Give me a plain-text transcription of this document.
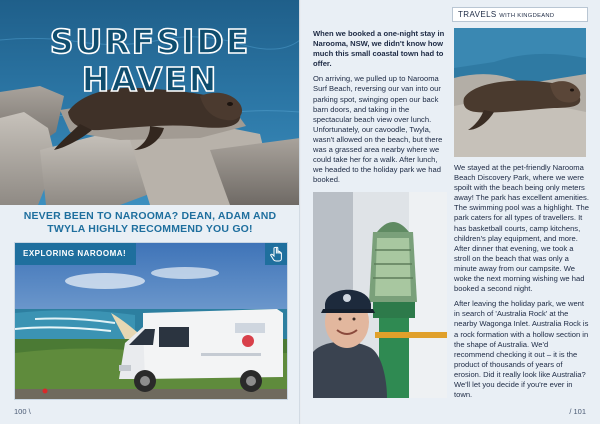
SURFSIDE
HAVEN
NEVER BEEN TO NAROOMA? DEAN, ADAM AND TWYLA HIGHLY RECOMMEND YOU GO!
EXPLORING NAROOMA!
100 \

When we booked a one-night stay in Narooma, NSW, we didn't know how much this small coastal town had to offer.

On arriving, we pulled up to Narooma Surf Beach, reversing our van into our parking spot, swinging open our back barn doors, and taking in the spectacular beach view over lunch. Unfortunately, our cavoodle, Twyla, wasn't allowed on the beach, but there was a grassed area nearby where we could take her for a walk. After lunch, we headed to the holiday park we had booked.

TRAVELS WITH KINGDEAND

We stayed at the pet-friendly Narooma Beach Discovery Park, where we were spoilt with the beach being only meters away! The park has excellent amenities. The swimming pool was a highlight. The park caters for all types of travellers. It has basketball courts, camp kitchens, children's play equipment, and more. After dinner that evening, we took a stroll on the beach that was only a minute away from our campsite. We woke the next morning wishing we had booked a second night.

After leaving the holiday park, we went in search of 'Australia Rock' at the nearby Wagonga Inlet. Australia Rock is a rock formation with a hollow section in the shape of Australia. We'd recommend checking it out – it is the product of thousands of years of erosion. Did it really look like Australia? We'll let you decide if you're ever in town.

/ 101
